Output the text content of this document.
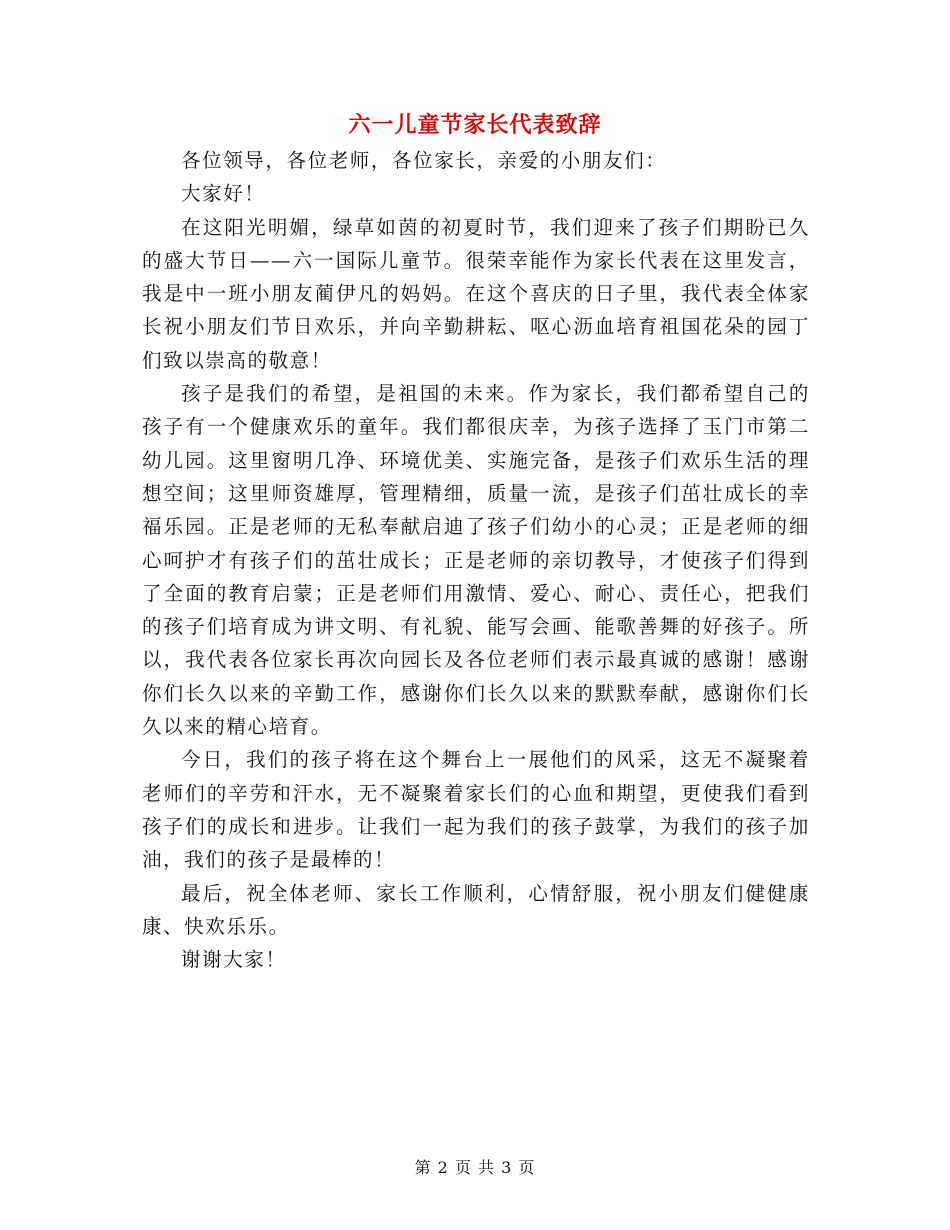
六一儿童节家长代表致辞

各位领导，各位老师，各位家长，亲爱的小朋友们：

大家好！

在这阳光明媚，绿草如茵的初夏时节，我们迎来了孩子们期盼已久的盛大节日——六一国际儿童节。很荣幸能作为家长代表在这里发言，我是中一班小朋友蔺伊凡的妈妈。在这个喜庆的日子里，我代表全体家长祝小朋友们节日欢乐，并向辛勤耕耘、呕心沥血培育祖国花朵的园丁们致以崇高的敬意！

孩子是我们的希望，是祖国的未来。作为家长，我们都希望自己的孩子有一个健康欢乐的童年。我们都很庆幸，为孩子选择了玉门市第二幼儿园。这里窗明几净、环境优美、实施完备，是孩子们欢乐生活的理想空间；这里师资雄厚，管理精细，质量一流，是孩子们茁壮成长的幸福乐园。正是老师的无私奉献启迪了孩子们幼小的心灵；正是老师的细心呵护才有孩子们的茁壮成长；正是老师的亲切教导，才使孩子们得到了全面的教育启蒙；正是老师们用激情、爱心、耐心、责任心，把我们的孩子们培育成为讲文明、有礼貌、能写会画、能歌善舞的好孩子。所以，我代表各位家长再次向园长及各位老师们表示最真诚的感谢！感谢你们长久以来的辛勤工作，感谢你们长久以来的默默奉献，感谢你们长久以来的精心培育。

今日，我们的孩子将在这个舞台上一展他们的风采，这无不凝聚着老师们的辛劳和汗水，无不凝聚着家长们的心血和期望，更使我们看到孩子们的成长和进步。让我们一起为我们的孩子鼓掌，为我们的孩子加油，我们的孩子是最棒的！

最后，祝全体老师、家长工作顺利，心情舒服，祝小朋友们健健康康、快欢乐乐。

谢谢大家！

第 2 页 共 3 页
